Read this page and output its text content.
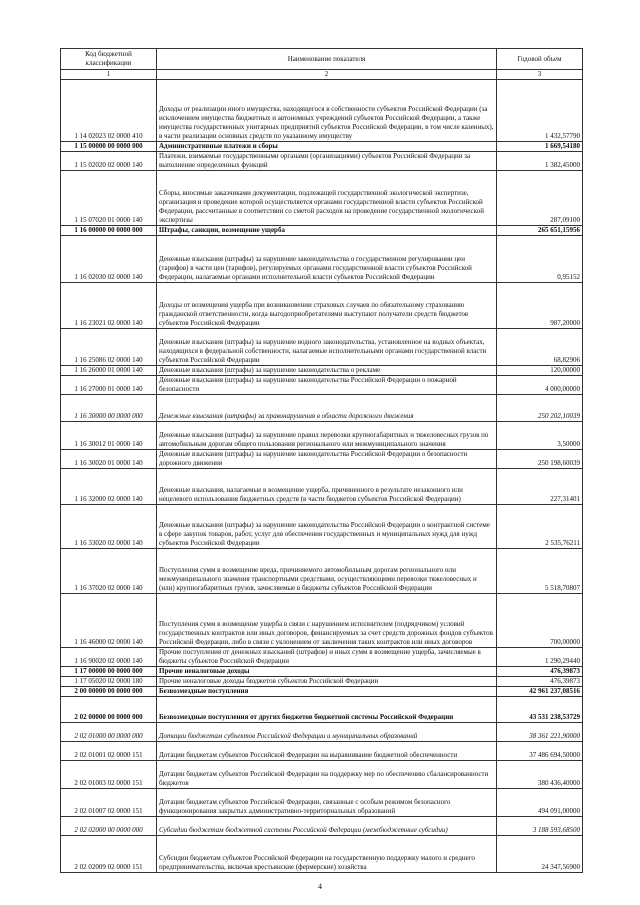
Код бюджетной классификации	Наименование показателя	Годовой объем
1	2	3
1 14 02023 02 0000 410	Доходы от реализации иного имущества, находящегося в собственности субъектов Российской Федерации (за исключением имущества бюджетных и автономных учреждений субъектов Российской Федерации, а также имущества государственных унитарных предприятий субъектов Российской Федерации, в том числе казенных), в части реализации основных средств по указанному имуществу	1 432,57790
1 15 00000 00 0000 000	Административные платежи и сборы	1 669,54180
1 15 02020 02 0000 140	Платежи, взимаемые государственными органами (организациями) субъектов Российской Федерации за выполнение определенных функций	1 382,45000
1 15 07020 01 0000 140	Сборы, вносимые заказчиками документации, подлежащей государственной экологической экспертизе, организация и проведение которой осуществляется органами государственной власти субъектов Российской Федерации, рассчитанные в соответствии со сметой расходов на проведение государственной экологической экспертизы	287,09100
1 16 00000 00 0000 000	Штрафы, санкции, возмещение ущерба	265 651,15956
1 16 02030 02 0000 140	Денежные взыскания (штрафы) за нарушение законодательства о государственном регулировании цен (тарифов) в части цен (тарифов), регулируемых органами государственной власти субъектов Российской Федерации, налагаемые органами исполнительной власти субъектов Российской Федерации	0,95152
1 16 23021 02 0000 140	Доходы от возмещения ущерба при возникновении страховых случаев по обязательному страхованию гражданской ответственности, когда выгодоприобретателями выступают получатели средств бюджетов субъектов Российской Федерации	987,20000
1 16 25086 02 0000 140	Денежные взыскания (штрафы) за нарушение водного законодательства, установленное на водных объектах, находящихся в федеральной собственности, налагаемые исполнительными органами государственной власти субъектов Российской Федерации	68,82906
1 16 26000 01 0000 140	Денежные взыскания (штрафы) за нарушение законодательства о рекламе	120,00000
1 16 27000 01 0000 140	Денежные взыскания (штрафы) за нарушение законодательства Российской Федерации о пожарной безопасности	4 000,00000
1 16 30000 00 0000 000	Денежные взыскания (штрафы) за правонарушения в области дорожного движения	250 202,10039
1 16 30012 01 0000 140	Денежные взыскания (штрафы) за нарушение правил перевозки крупногабаритных и тяжеловесных грузов по автомобильным дорогам общего пользования регионального или межмуниципального значения	3,50000
1 16 30020 01 0000 140	Денежные взыскания (штрафы) за нарушение законодательства Российской Федерации о безопасности дорожного движения	250 198,60039
1 16 32000 02 0000 140	Денежные взыскания, налагаемые в возмещение ущерба, причиненного в результате незаконного или нецелевого использования бюджетных средств (в части бюджетов субъектов Российской Федерации)	227,31401
1 16 33020 02 0000 140	Денежные взыскания (штрафы) за нарушение законодательства Российской Федерации о контрактной системе в сфере закупок товаров, работ, услуг для обеспечения государственных и муниципальных нужд для нужд субъектов Российской Федерации	2 535,76211
1 16 37020 02 0000 140	Поступления сумм в возмещение вреда, причиняемого автомобильным дорогам регионального или межмуниципального значения транспортными средствами, осуществляющими перевозки тяжеловесных и (или) крупногабаритных грузов, зачисляемые в бюджеты субъектов Российской Федерации	5 518,70807
1 16 46000 02 0000 140	Поступления сумм в возмещение ущерба в связи с нарушением исполнителем (подрядчиком) условий государственных контрактов или иных договоров, финансируемых за счет средств дорожных фондов субъектов Российской Федерации, либо в связи с уклонением от заключения таких контрактов или иных договоров	700,00000
1 16 90020 02 0000 140	Прочие поступления от денежных взысканий (штрафов) и иных сумм в возмещение ущерба, зачисляемые в бюджеты субъектов Российской Федерации	1 290,29440
1 17 00000 00 0000 000	Прочие неналоговые доходы	476,39873
1 17 05020 02 0000 180	Прочие неналоговые доходы бюджетов субъектов Российской Федерации	476,39873
2 00 00000 00 0000 000	Безвозмездные поступления	42 961 237,08516
2 02 00000 00 0000 000	Безвозмездные поступления от других бюджетов бюджетной системы Российской Федерации	43 531 238,53729
2 02 01000 00 0000 000	Дотации бюджетам субъектов Российской Федерации и муниципальных образований	38 361 221,90000
2 02 01001 02 0000 151	Дотации бюджетам субъектов Российской Федерации на выравнивание бюджетной обеспеченности	37 486 694,50000
2 02 01003 02 0000 151	Дотации бюджетам субъектов Российской Федерации на поддержку мер по обеспечению сбалансированности бюджетов	380 436,40000
2 02 01007 02 0000 151	Дотации бюджетам субъектов Российской Федерации, связанные с особым режимом безопасного функционирования закрытых административно-территориальных образований	494 091,00000
2 02 02000 00 0000 000	Субсидии бюджетам бюджетной системы Российской Федерации (межбюджетные субсидии)	3 188 593,68500
2 02 02009 02 0000 151	Субсидии бюджетам субъектов Российской Федерации на государственную поддержку малого и среднего предпринимательства, включая крестьянские (фермерские) хозяйства	24 347,56900
4
